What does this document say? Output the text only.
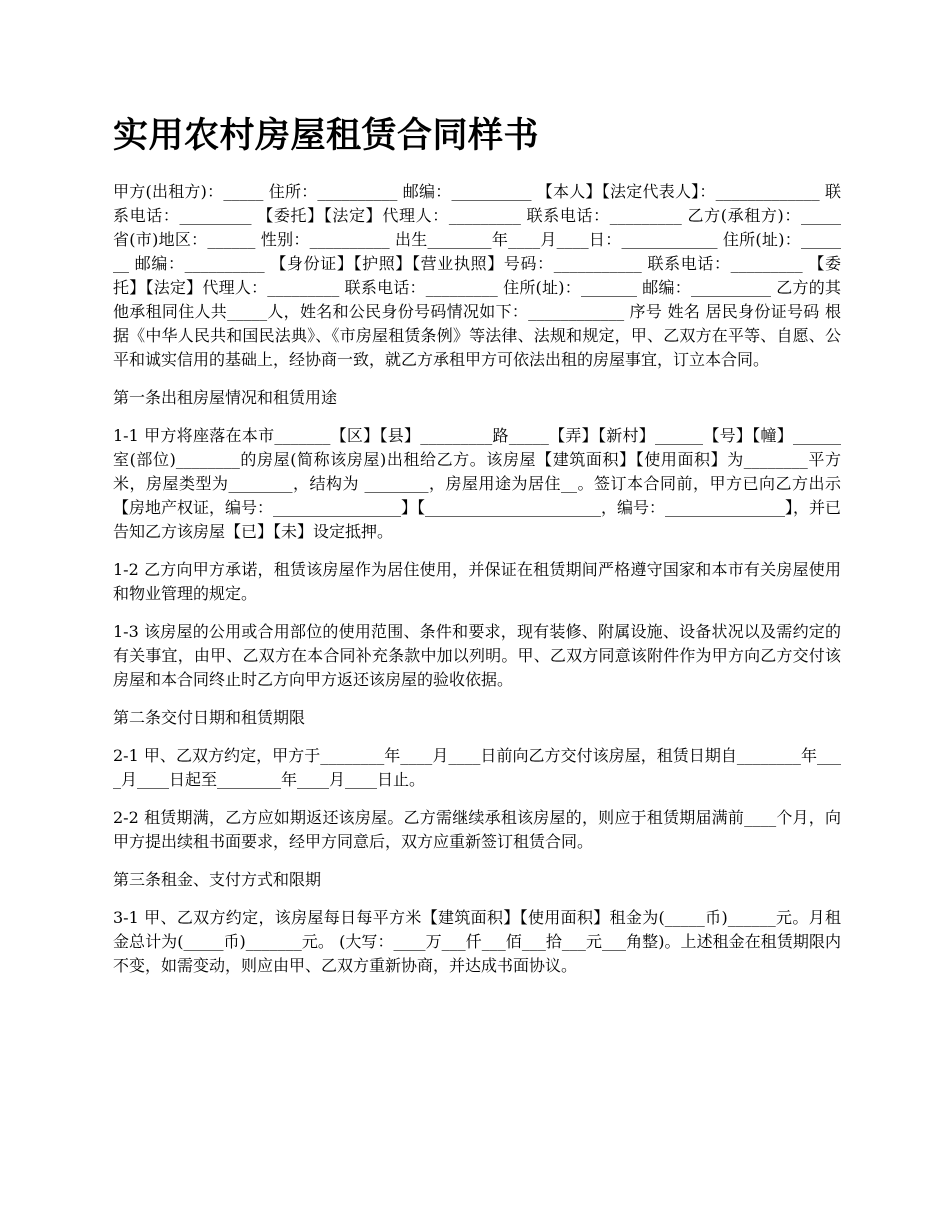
实用农村房屋租赁合同样书

甲方(出租方)：_____ 住所：__________ 邮编：__________ 【本人】【法定代表人】：_____________ 联系电话：_________ 【委托】【法定】代理人：_________ 联系电话：_________ 乙方(承租方)：_____ 省(市)地区：______ 性别：__________ 出生________年____月____日：____________ 住所(址)：_______ 邮编：__________ 【身份证】【护照】【营业执照】号码：___________ 联系电话：_________ 【委托】【法定】代理人：_________ 联系电话：_________ 住所(址)：_______ 邮编：__________ 乙方的其他承租同住人共_____人，姓名和公民身份号码情况如下：____________ 序号 姓名 居民身份证号码 根据《中华人民共和国民法典》、《市房屋租赁条例》等法律、法规和规定，甲、乙双方在平等、自愿、公平和诚实信用的基础上，经协商一致，就乙方承租甲方可依法出租的房屋事宜，订立本合同。

第一条出租房屋情况和租赁用途

1-1 甲方将座落在本市_______【区】【县】_________路_____【弄】【新村】______【号】【幢】______室(部位)________的房屋(简称该房屋)出租给乙方。该房屋【建筑面积】【使用面积】为________平方米，房屋类型为________，结构为 ________，房屋用途为居住__。签订本合同前，甲方已向乙方出示【房地产权证，编号：________________】【______________________，编号：_______________】，并已告知乙方该房屋【已】【未】设定抵押。

1-2 乙方向甲方承诺，租赁该房屋作为居住使用，并保证在租赁期间严格遵守国家和本市有关房屋使用和物业管理的规定。

1-3 该房屋的公用或合用部位的使用范围、条件和要求，现有装修、附属设施、设备状况以及需约定的有关事宜，由甲、乙双方在本合同补充条款中加以列明。甲、乙双方同意该附件作为甲方向乙方交付该房屋和本合同终止时乙方向甲方返还该房屋的验收依据。

第二条交付日期和租赁期限

2-1 甲、乙双方约定，甲方于________年____月____日前向乙方交付该房屋，租赁日期自________年____月____日起至________年____月____日止。

2-2 租赁期满，乙方应如期返还该房屋。乙方需继续承租该房屋的，则应于租赁期届满前____个月，向甲方提出续租书面要求，经甲方同意后，双方应重新签订租赁合同。

第三条租金、支付方式和限期

3-1 甲、乙双方约定，该房屋每日每平方米【建筑面积】【使用面积】租金为(_____币)______元。月租金总计为(_____币)_______元。 (大写：____万___仟___佰___拾___元___角整)。上述租金在租赁期限内不变，如需变动，则应由甲、乙双方重新协商，并达成书面协议。
